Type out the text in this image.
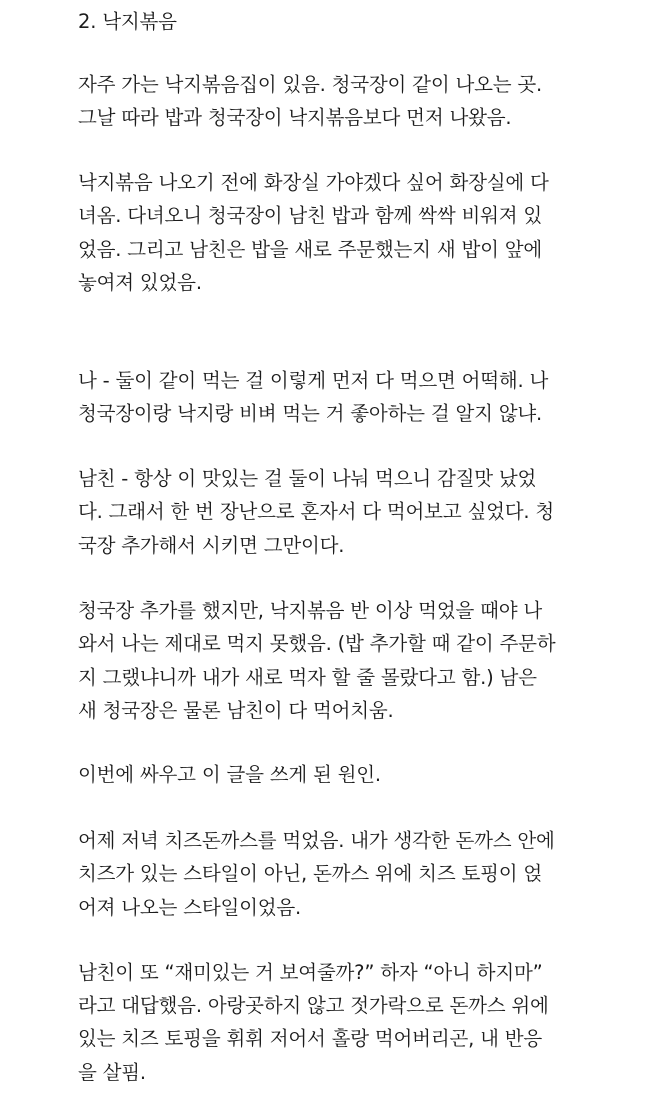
2. 낙지볶음

자주 가는 낙지볶음집이 있음. 청국장이 같이 나오는 곳.

그날 따라 밥과 청국장이 낙지볶음보다 먼저 나왔음.

낙지볶음 나오기 전에 화장실 가야겠다 싶어 화장실에 다

녀옴. 다녀오니 청국장이 남친 밥과 함께 싹싹 비워져 있

었음. 그리고 남친은 밥을 새로 주문했는지 새 밥이 앞에

놓여져 있었음.

나 - 둘이 같이 먹는 걸 이렇게 먼저 다 먹으면 어떡해. 나

청국장이랑 낙지랑 비벼 먹는 거 좋아하는 걸 알지 않냐.

남친 - 항상 이 맛있는 걸 둘이 나눠 먹으니 감질맛 났었

다. 그래서 한 번 장난으로 혼자서 다 먹어보고 싶었다. 청

국장 추가해서 시키면 그만이다.

청국장 추가를 했지만, 낙지볶음 반 이상 먹었을 때야 나

와서 나는 제대로 먹지 못했음. (밥 추가할 때 같이 주문하

지 그랬냐니까 내가 새로 먹자 할 줄 몰랐다고 함.) 남은

새 청국장은 물론 남친이 다 먹어치움.

이번에 싸우고 이 글을 쓰게 된 원인.

어제 저녁 치즈돈까스를 먹었음. 내가 생각한 돈까스 안에

치즈가 있는 스타일이 아닌, 돈까스 위에 치즈 토핑이 얹

어져 나오는 스타일이었음.

남친이 또 “재미있는 거 보여줄까?” 하자 “아니 하지마”

라고 대답했음. 아랑곳하지 않고 젓가락으로 돈까스 위에

있는 치즈 토핑을 휘휘 저어서 홀랑 먹어버리곤, 내 반응

을 살핌.
